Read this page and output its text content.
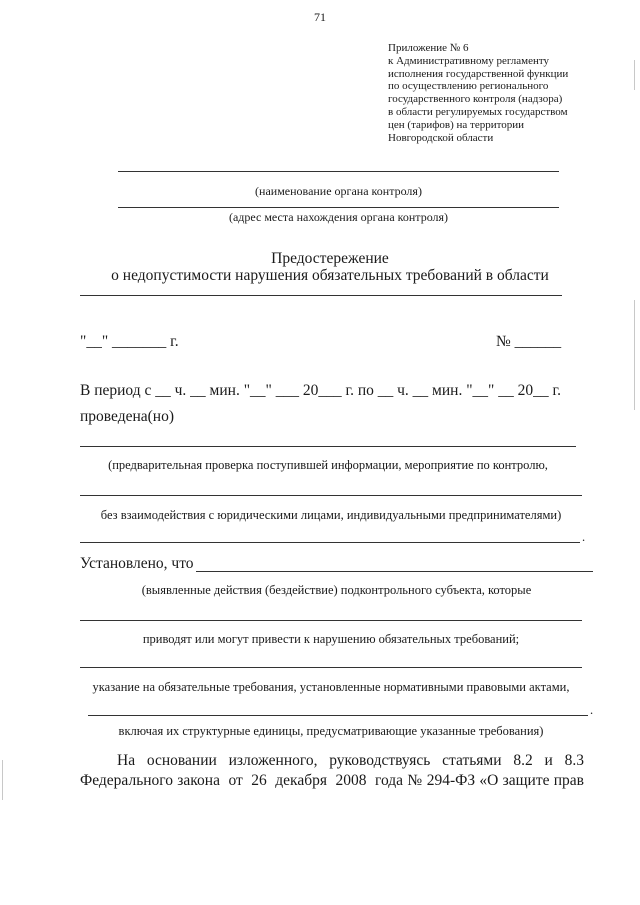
71
Приложение № 6
к Административному регламенту
исполнения государственной функции
по осуществлению регионального
государственного контроля (надзора)
в области регулируемых государством
цен (тарифов) на территории
Новгородской области
(наименование органа контроля)
(адрес места нахождения органа контроля)
Предостережение
о недопустимости нарушения обязательных требований в области
"__" _______ г.	№ ______
В период с __ ч. __ мин. "__" ___ 20___ г. по __ ч. __ мин. "__" __ 20__ г.
проведена(но)
(предварительная проверка поступившей информации, мероприятие по контролю,
без взаимодействия с юридическими лицами, индивидуальными предпринимателями)
.
Установлено, что
(выявленные действия (бездействие) подконтрольного субъекта, которые
приводят или могут привести к нарушению обязательных требований;
указание на обязательные требования, установленные нормативными правовыми актами,
.
включая их структурные единицы, предусматривающие указанные требования)
На   основании   изложенного,   руководствуясь   статьями   8.2   и   8.3
Федерального закона  от  26  декабря  2008  года № 294-ФЗ «О защите прав
